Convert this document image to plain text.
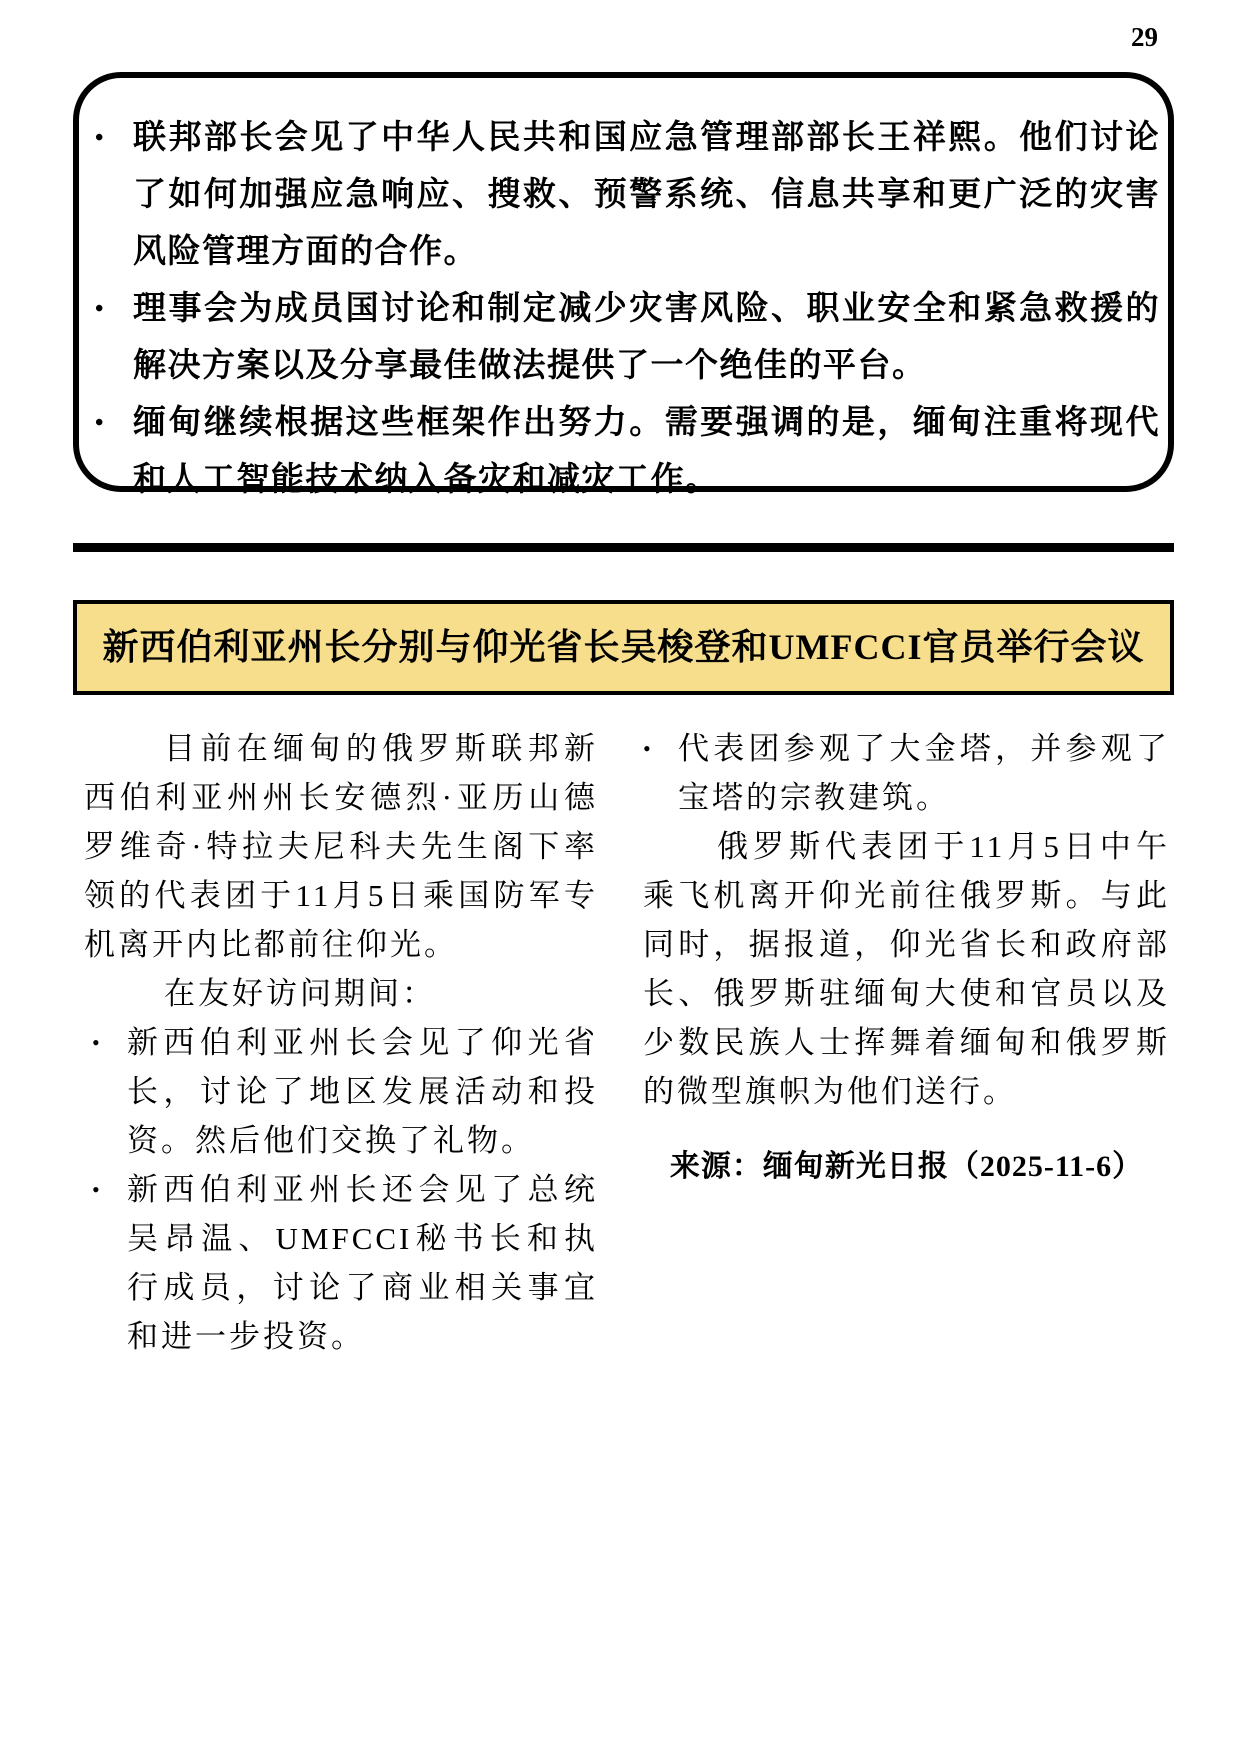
29
• 联邦部长会见了中华人民共和国应急管理部部长王祥熙。他们讨论了如何加强应急响应、搜救、预警系统、信息共享和更广泛的灾害风险管理方面的合作。
• 理事会为成员国讨论和制定减少灾害风险、职业安全和紧急救援的解决方案以及分享最佳做法提供了一个绝佳的平台。
• 缅甸继续根据这些框架作出努力。需要强调的是，缅甸注重将现代和人工智能技术纳入备灾和减灾工作。
新西伯利亚州长分别与仰光省长吴梭登和UMFCCI官员举行会议

目前在缅甸的俄罗斯联邦新西伯利亚州州长安德烈·亚历山德罗维奇·特拉夫尼科夫先生阁下率领的代表团于11月5日乘国防军专机离开内比都前往仰光。

在友好访问期间：

• 新西伯利亚州长会见了仰光省长，讨论了地区发展活动和投资。然后他们交换了礼物。
• 新西伯利亚州长还会见了总统吴昂温、UMFCCI秘书长和执行成员，讨论了商业相关事宜和进一步投资。
• 代表团参观了大金塔，并参观了宝塔的宗教建筑。

俄罗斯代表团于11月5日中午乘飞机离开仰光前往俄罗斯。与此同时，据报道，仰光省长和政府部长、俄罗斯驻缅甸大使和官员以及少数民族人士挥舞着缅甸和俄罗斯的微型旗帜为他们送行。

来源：缅甸新光日报（2025-11-6）
